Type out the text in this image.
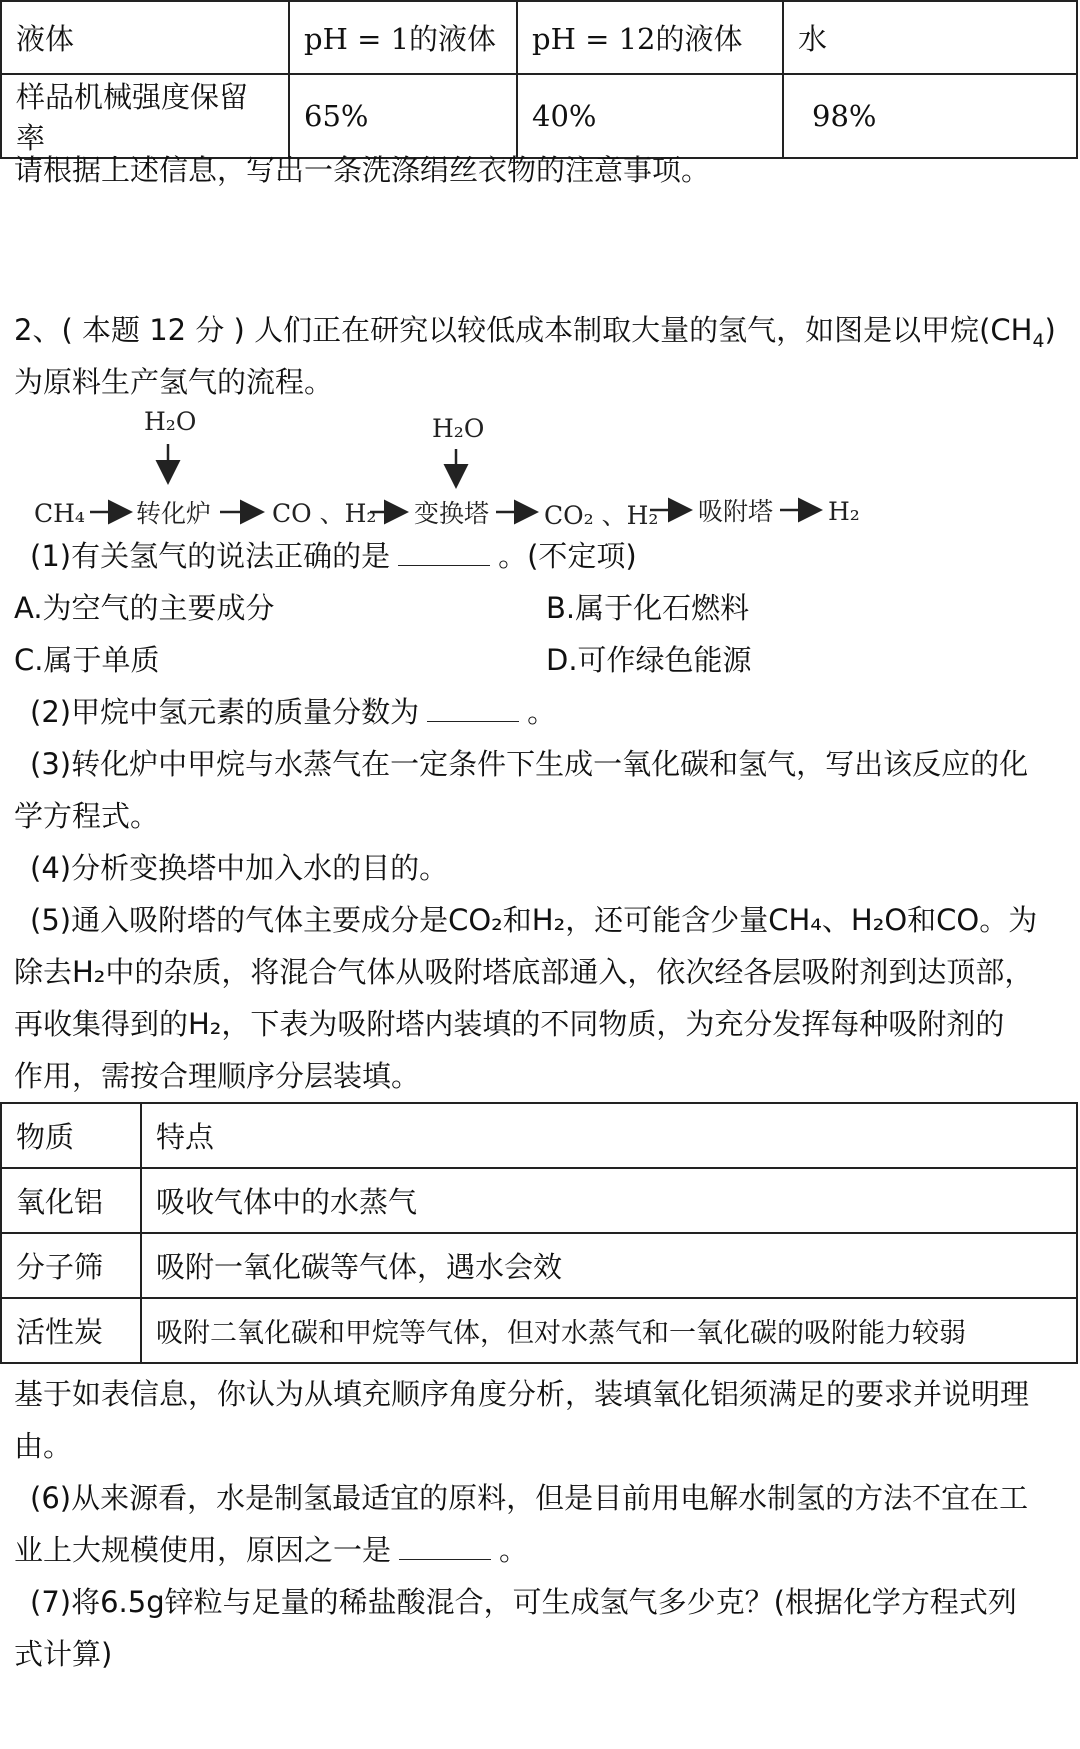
液体	pH = 1的液体	pH = 12的液体	水
样品机械强度保留率	65%	40%	98%
请根据上述信息，写出一条洗涤绢丝衣物的注意事项。
2、( 本题 12 分 ) 人们正在研究以较低成本制取大量的氢气，如图是以甲烷$(CH_4)$
为原料生产氢气的流程。
H₂O	H₂O
CH₄ 转化炉 CO 、H₂ 变换塔 CO₂ 、H₂ 吸附塔 H₂
(1)有关氢气的说法正确的是	。(不定项)
A.为空气的主要成分	B.属于化石燃料
C.属于单质	D.可作绿色能源
(2)甲烷中氢元素的质量分数为	。
(3)转化炉中甲烷与水蒸气在一定条件下生成一氧化碳和氢气，写出该反应的化
学方程式。
(4)分析变换塔中加入水的目的。
(5)通入吸附塔的气体主要成分是CO₂和H₂，还可能含少量CH₄、H₂O和CO。为
除去H₂中的杂质，将混合气体从吸附塔底部通入，依次经各层吸附剂到达顶部，
再收集得到的H₂，下表为吸附塔内装填的不同物质，为充分发挥每种吸附剂的
作用，需按合理顺序分层装填。
物质	特点
氧化铝	吸收气体中的水蒸气
分子筛	吸附一氧化碳等气体，遇水会效
活性炭	吸附二氧化碳和甲烷等气体，但对水蒸气和一氧化碳的吸附能力较弱
基于如表信息，你认为从填充顺序角度分析，装填氧化铝须满足的要求并说明理
由。
(6)从来源看，水是制氢最适宜的原料，但是目前用电解水制氢的方法不宜在工
业上大规模使用，原因之一是	。
(7)将6.5g锌粒与足量的稀盐酸混合，可生成氢气多少克？(根据化学方程式列
式计算)
